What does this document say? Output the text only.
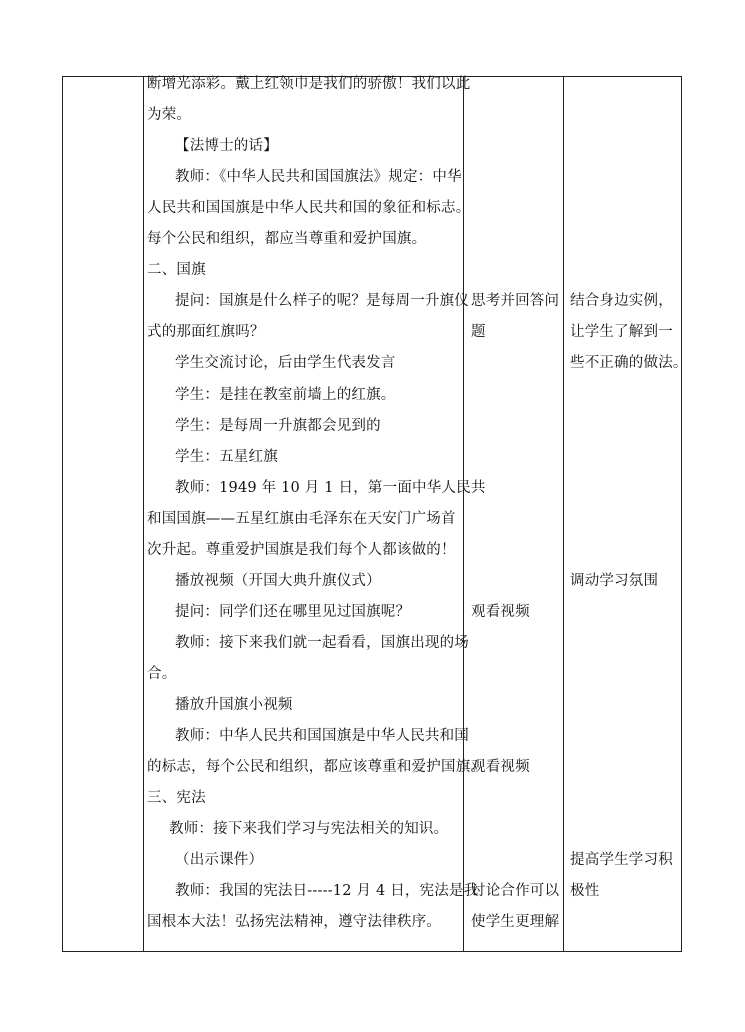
断增光添彩。戴上红领巾是我们的骄傲！我们以此
为荣。
【法博士的话】
教师：《中华人民共和国国旗法》规定：中华
人民共和国国旗是中华人民共和国的象征和标志。
每个公民和组织，都应当尊重和爱护国旗。
二、国旗
提问：国旗是什么样子的呢？是每周一升旗仪
式的那面红旗吗？
学生交流讨论，后由学生代表发言
学生：是挂在教室前墙上的红旗。
学生：是每周一升旗都会见到的
学生：五星红旗
教师：1949 年 10 月 1 日，第一面中华人民共
和国国旗——五星红旗由毛泽东在天安门广场首
次升起。尊重爱护国旗是我们每个人都该做的！
播放视频（开国大典升旗仪式）
提问：同学们还在哪里见过国旗呢？
教师：接下来我们就一起看看，国旗出现的场
合。
播放升国旗小视频
教师：中华人民共和国国旗是中华人民共和国
的标志，每个公民和组织，都应该尊重和爱护国旗。
三、宪法
教师：接下来我们学习与宪法相关的知识。
（出示课件）
教师：我国的宪法日-----12 月 4 日，宪法是我
国根本大法！弘扬宪法精神，遵守法律秩序。
思考并回答问
题
观看视频
观看视频
讨论合作可以
使学生更理解
结合身边实例，
让学生了解到一
些不正确的做法。
调动学习氛围
提高学生学习积
极性
